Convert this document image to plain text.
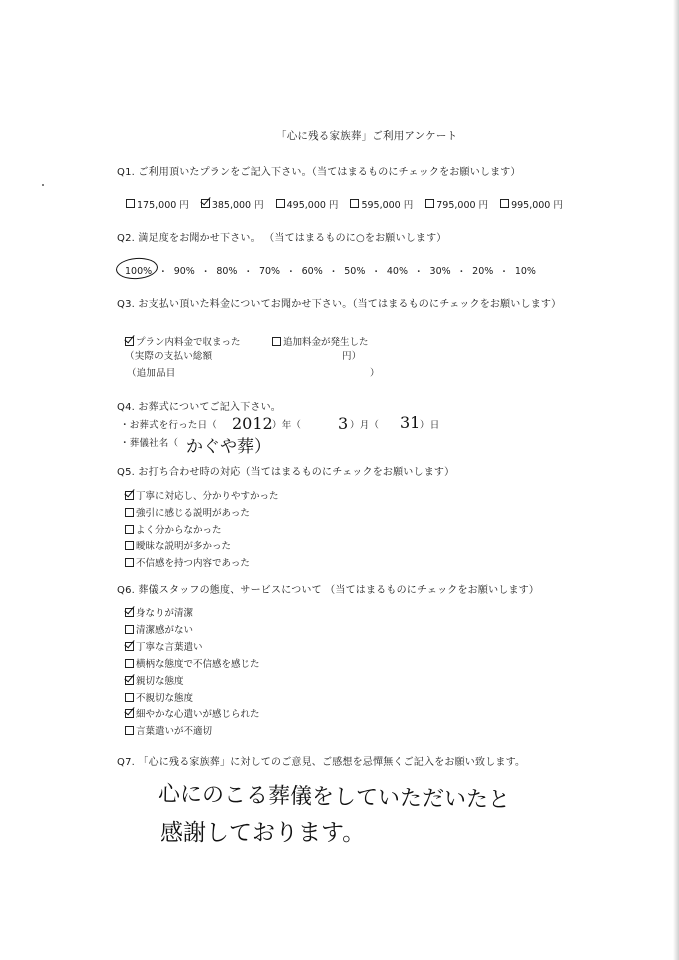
「心に残る家族葬」ご利用アンケート
Q1. ご利用頂いたプランをご記入下さい。（当てはまるものにチェックをお願いします）
175,000 円	385,000 円	495,000 円	595,000 円	795,000 円	995,000 円
Q2. 満足度をお聞かせ下さい。 （当てはまるものに○をお願いします）
100% ・ 90% ・ 80% ・ 70% ・ 60% ・ 50% ・ 40% ・ 30% ・ 20% ・ 10%
Q3. お支払い頂いた料金についてお聞かせ下さい。（当てはまるものにチェックをお願いします）
プラン内料金で収まった	追加料金が発生した
（実際の支払い総額	円）
（追加品目	）
Q4. お葬式についてご記入下さい。
・お葬式を行った日（ 2012 ）年（ 3 ）月（ 31 ）日
・葬儀社名（ かぐや葬）
Q5. お打ち合わせ時の対応（当てはまるものにチェックをお願いします）
丁寧に対応し、分かりやすかった
強引に感じる説明があった
よく分からなかった
曖昧な説明が多かった
不信感を持つ内容であった
Q6. 葬儀スタッフの態度、サービスについて （当てはまるものにチェックをお願いします）
身なりが清潔
清潔感がない
丁寧な言葉遣い
横柄な態度で不信感を感じた
親切な態度
不親切な態度
細やかな心遣いが感じられた
言葉遣いが不適切
Q7. 「心に残る家族葬」に対してのご意見、ご感想を忌憚無くご記入をお願い致します。
心にのこる葬儀をしていただいたと
感謝しております。
